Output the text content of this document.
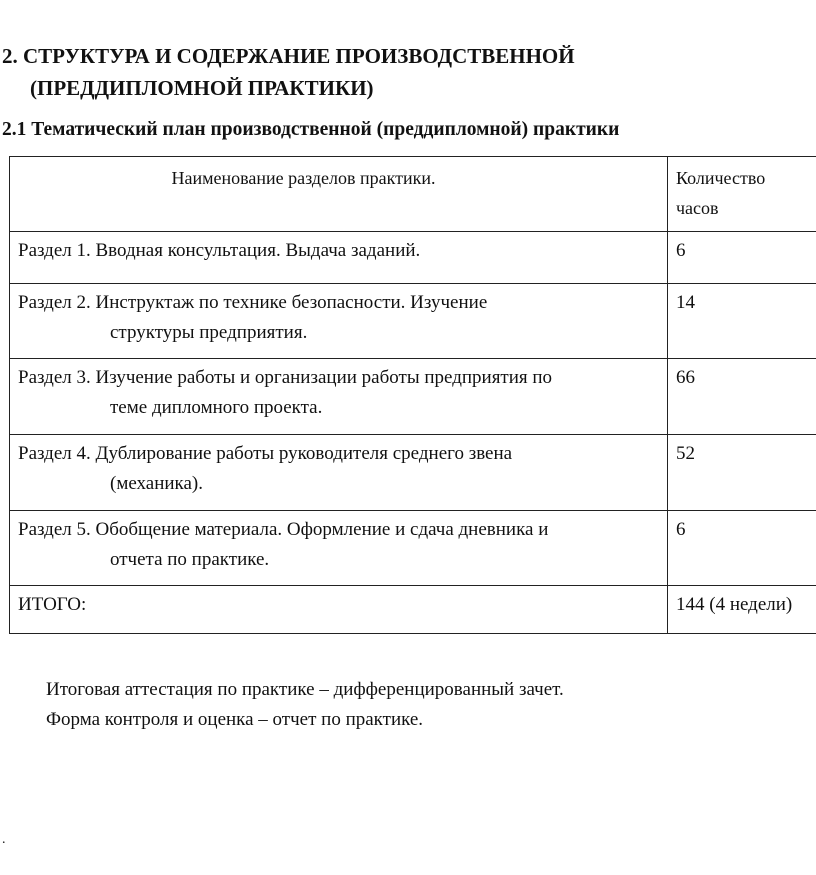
2. СТРУКТУРА И СОДЕРЖАНИЕ ПРОИЗВОДСТВЕННОЙ
(ПРЕДДИПЛОМНОЙ ПРАКТИКИ)
2.1 Тематический план производственной (преддипломной) практики
Наименование разделов практики.	Количество
часов

Раздел 1. Вводная консультация. Выдача заданий.	6

Раздел 2. Инструктаж по технике безопасности. Изучение
структуры предприятия.	14

Раздел 3. Изучение работы и организации работы предприятия по
теме дипломного проекта.	66

Раздел 4. Дублирование работы руководителя среднего звена
(механика).	52

Раздел 5. Обобщение материала. Оформление и сдача дневника и
отчета по практике.	6
ИТОГО:	144 (4 недели)

Итоговая аттестация по практике – дифференцированный зачет.

Форма контроля и оценка – отчет по практике.

.
